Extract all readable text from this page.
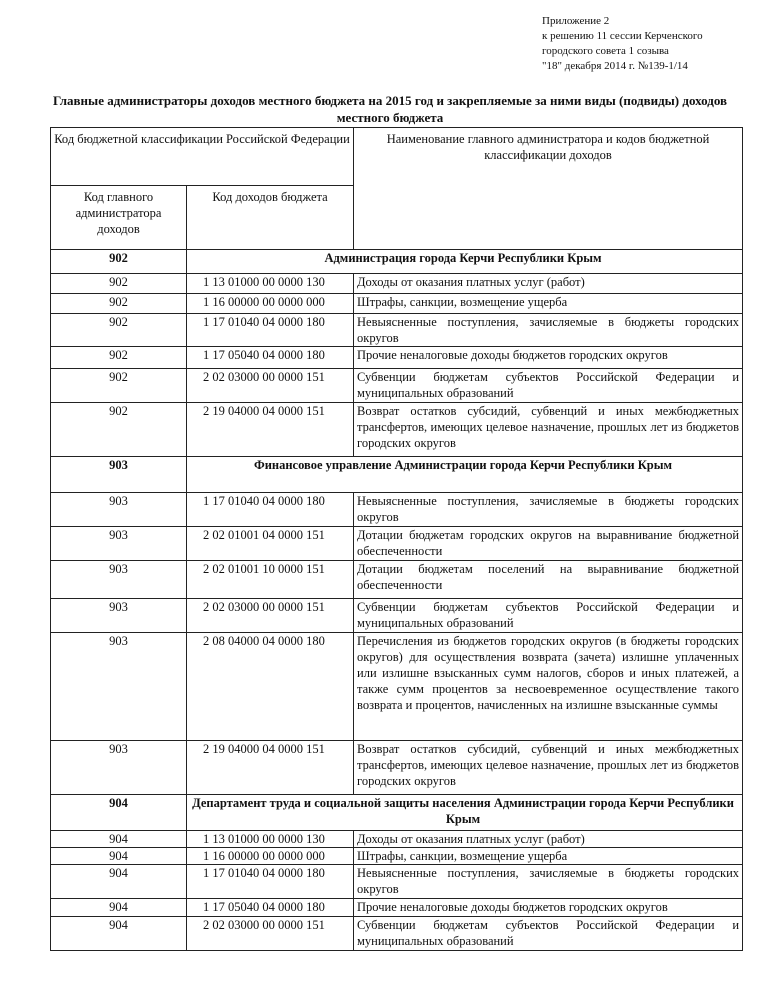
Приложение 2
к решению 11 сессии Керченского
городского совета 1 созыва
"18" декабря 2014 г. №139-1/14
Главные администраторы доходов местного бюджета на 2015 год и закрепляемые за ними виды (подвиды) доходов местного бюджета
Код бюджетной классификации Российской Федерации		Наименование главного администратора и кодов бюджетной классификации доходов
Код главного администратора доходов	Код доходов бюджета	
902	Администрация города Керчи Республики Крым	
902	1 13 01000 00 0000 130	Доходы от оказания платных услуг (работ)
902	1 16 00000 00 0000 000	Штрафы, санкции, возмещение ущерба
902	1 17 01040 04 0000 180	Невыясненные поступления, зачисляемые в бюджеты городских округов
902	1 17 05040 04 0000 180	Прочие неналоговые доходы бюджетов городских округов
902	2 02 03000 00 0000 151	Субвенции бюджетам субъектов Российской Федерации и муниципальных образований
902	2 19 04000 04 0000 151	Возврат остатков субсидий, субвенций и иных межбюджетных трансфертов, имеющих целевое назначение, прошлых лет из бюджетов городских округов
903	Финансовое управление Администрации города Керчи Республики Крым	
903	1 17 01040 04 0000 180	Невыясненные поступления, зачисляемые в бюджеты городских округов
903	2 02 01001 04 0000 151	Дотации бюджетам городских округов на выравнивание бюджетной обеспеченности
903	2 02 01001 10 0000 151	Дотации бюджетам поселений на выравнивание бюджетной обеспеченности
903	2 02 03000 00 0000 151	Субвенции бюджетам субъектов Российской Федерации и муниципальных образований
903	2 08 04000 04 0000 180	Перечисления из бюджетов городских округов (в бюджеты городских округов) для осуществления возврата (зачета) излишне уплаченных или излишне взысканных сумм налогов, сборов и иных платежей, а также сумм процентов за несвоевременное осуществление такого возврата и процентов, начисленных на излишне взысканные суммы
903	2 19 04000 04 0000 151	Возврат остатков субсидий, субвенций и иных межбюджетных трансфертов, имеющих целевое назначение, прошлых лет из бюджетов городских округов
904	Департамент труда и социальной защиты населения Администрации города Керчи Республики Крым	
904	1 13 01000 00 0000 130	Доходы от оказания платных услуг (работ)
904	1 16 00000 00 0000 000	Штрафы, санкции, возмещение ущерба
904	1 17 01040 04 0000 180	Невыясненные поступления, зачисляемые в бюджеты городских округов
904	1 17 05040 04 0000 180	Прочие неналоговые доходы бюджетов городских округов
904	2 02 03000 00 0000 151	Субвенции бюджетам субъектов Российской Федерации и муниципальных образований
